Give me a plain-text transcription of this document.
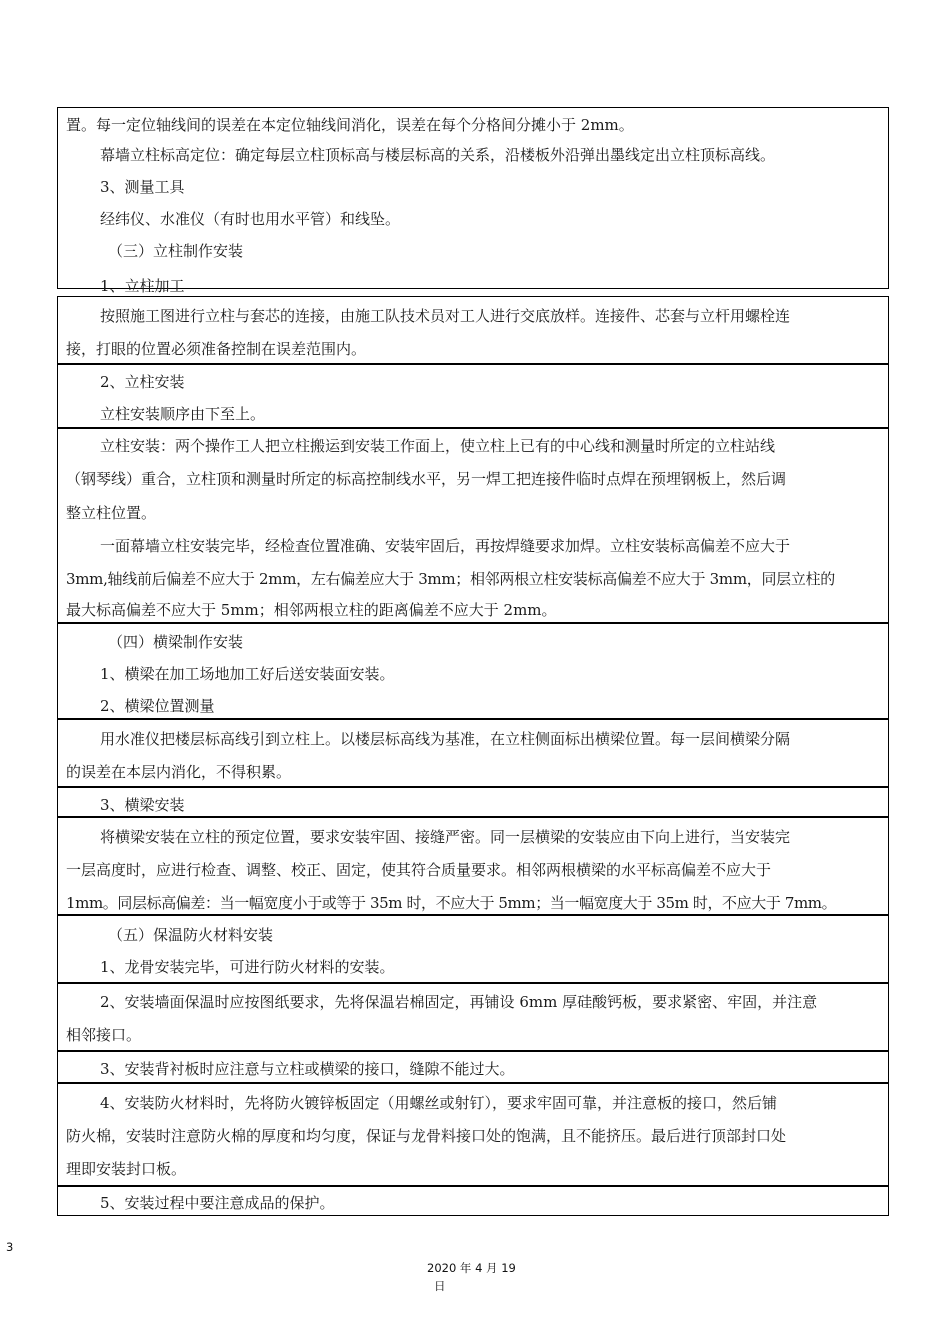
置。每一定位轴线间的误差在本定位轴线间消化，误差在每个分格间分摊小于 2mm。
幕墙立柱标高定位：确定每层立柱顶标高与楼层标高的关系，沿楼板外沿弹出墨线定出立柱顶标高线。
3、测量工具
经纬仪、水准仪（有时也用水平管）和线坠。
（三）立柱制作安装
1、立柱加工
按照施工图进行立柱与套芯的连接，由施工队技术员对工人进行交底放样。连接件、芯套与立杆用螺栓连
接，打眼的位置必须准备控制在误差范围内。
2、立柱安装
立柱安装顺序由下至上。
立柱安装：两个操作工人把立柱搬运到安装工作面上，使立柱上已有的中心线和测量时所定的立柱站线
（钢琴线）重合，立柱顶和测量时所定的标高控制线水平，另一焊工把连接件临时点焊在预埋钢板上，然后调
整立柱位置。
一面幕墙立柱安装完毕，经检查位置准确、安装牢固后，再按焊缝要求加焊。立柱安装标高偏差不应大于
3mm,轴线前后偏差不应大于 2mm，左右偏差应大于 3mm；相邻两根立柱安装标高偏差不应大于 3mm，同层立柱的
最大标高偏差不应大于 5mm；相邻两根立柱的距离偏差不应大于 2mm。
（四）横梁制作安装
1、横梁在加工场地加工好后送安装面安装。
2、横梁位置测量
用水准仪把楼层标高线引到立柱上。以楼层标高线为基准，在立柱侧面标出横梁位置。每一层间横梁分隔
的误差在本层内消化，不得积累。
3、横梁安装
将横梁安装在立柱的预定位置，要求安装牢固、接缝严密。同一层横梁的安装应由下向上进行，当安装完
一层高度时，应进行检查、调整、校正、固定，使其符合质量要求。相邻两根横梁的水平标高偏差不应大于
1mm。同层标高偏差：当一幅宽度小于或等于 35m 时，不应大于 5mm；当一幅宽度大于 35m 时，不应大于 7mm。
（五）保温防火材料安装
1、龙骨安装完毕，可进行防火材料的安装。
2、安装墙面保温时应按图纸要求，先将保温岩棉固定，再铺设 6mm 厚硅酸钙板，要求紧密、牢固，并注意
相邻接口。
3、安装背衬板时应注意与立柱或横梁的接口，缝隙不能过大。
4、安装防火材料时，先将防火镀锌板固定（用螺丝或射钉），要求牢固可靠，并注意板的接口，然后铺
防火棉，安装时注意防火棉的厚度和均匀度，保证与龙骨料接口处的饱满，且不能挤压。最后进行顶部封口处
理即安装封口板。
5、安装过程中要注意成品的保护。
3
2020 年 4 月 19
日
